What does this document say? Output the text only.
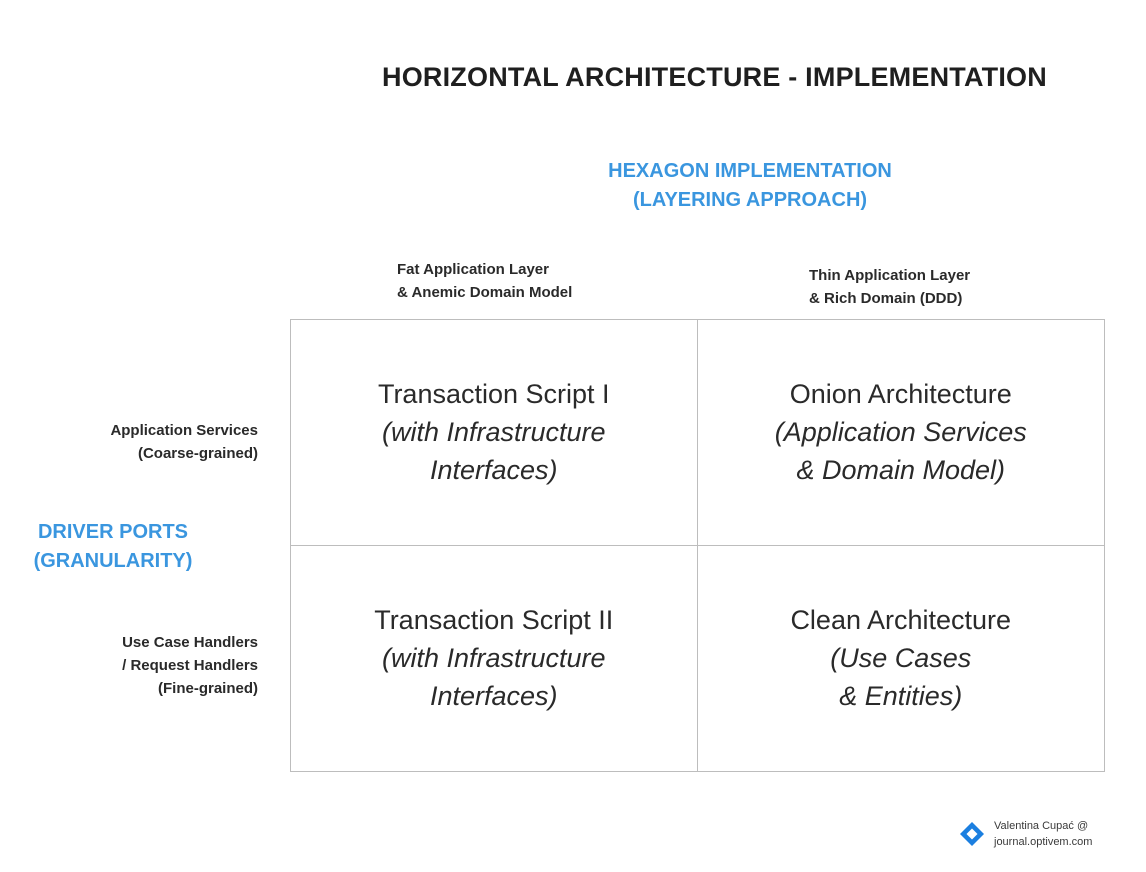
HORIZONTAL ARCHITECTURE - IMPLEMENTATION
HEXAGON IMPLEMENTATION
(LAYERING APPROACH)
Fat Application Layer
& Anemic Domain Model
Thin Application Layer
& Rich Domain (DDD)
Application Services
(Coarse-grained)
DRIVER PORTS
(GRANULARITY)
Use Case Handlers
/ Request Handlers
(Fine-grained)
Transaction Script I
(with Infrastructure
Interfaces)
Onion Architecture
(Application Services
& Domain Model)
Transaction Script II
(with Infrastructure
Interfaces)
Clean Architecture
(Use Cases
& Entities)
Valentina Cupać @
journal.optivem.com
